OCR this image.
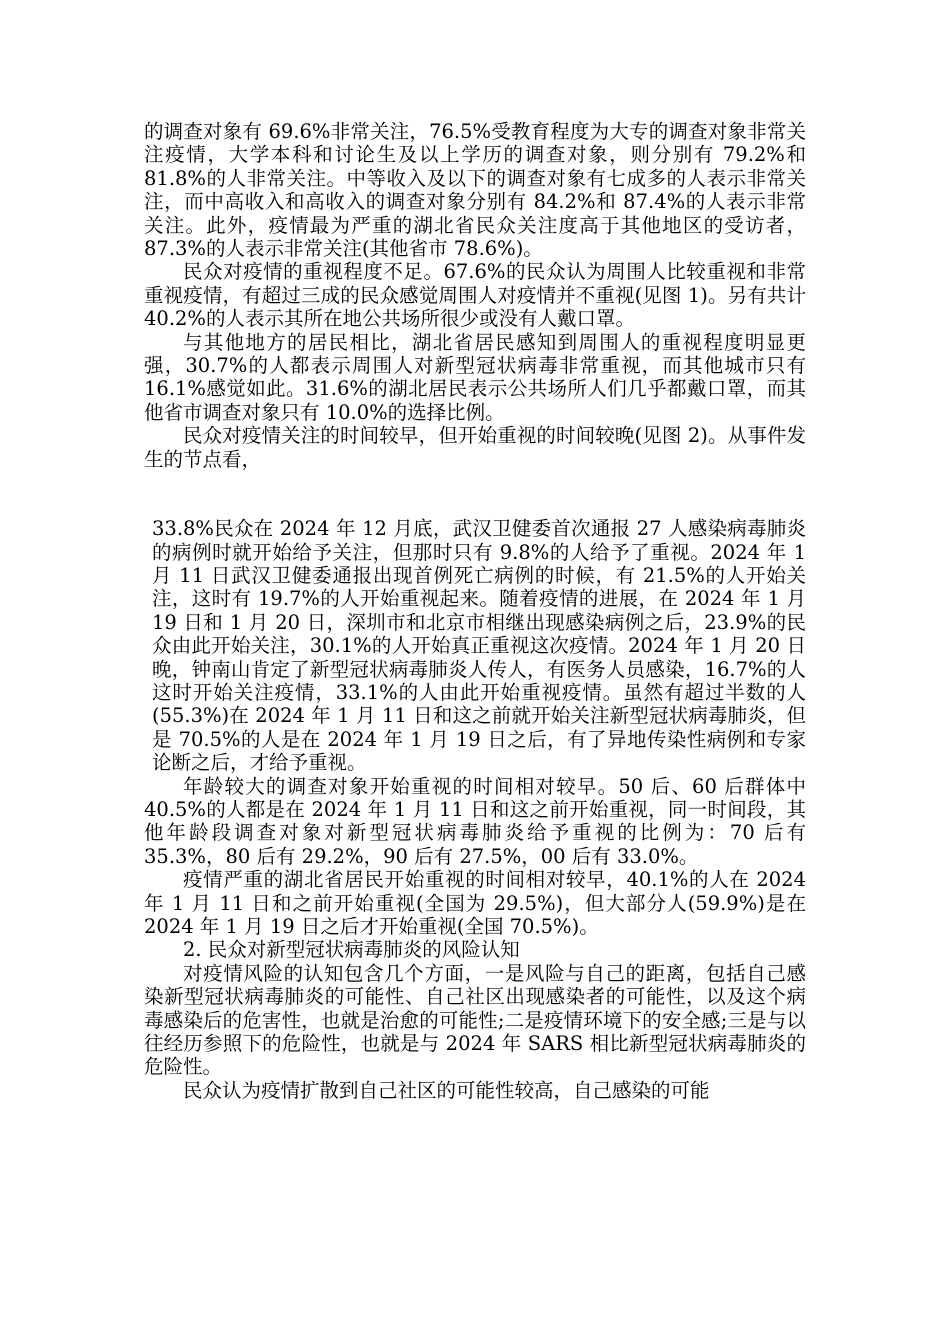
的调查对象有 69.6%非常关注，76.5%受教育程度为大专的调查对象非常关注疫情，大学本科和讨论生及以上学历的调查对象，则分别有 79.2%和 81.8%的人非常关注。中等收入及以下的调查对象有七成多的人表示非常关注，而中高收入和高收入的调查对象分别有 84.2%和 87.4%的人表示非常关注。此外，疫情最为严重的湖北省民众关注度高于其他地区的受访者，87.3%的人表示非常关注(其他省市 78.6%)。

民众对疫情的重视程度不足。67.6%的民众认为周围人比较重视和非常重视疫情，有超过三成的民众感觉周围人对疫情并不重视(见图 1)。另有共计 40.2%的人表示其所在地公共场所很少或没有人戴口罩。

与其他地方的居民相比，湖北省居民感知到周围人的重视程度明显更强，30.7%的人都表示周围人对新型冠状病毒非常重视，而其他城市只有 16.1%感觉如此。31.6%的湖北居民表示公共场所人们几乎都戴口罩，而其他省市调查对象只有 10.0%的选择比例。

民众对疫情关注的时间较早，但开始重视的时间较晚(见图 2)。从事件发生的节点看，

33.8%民众在 2024 年 12 月底，武汉卫健委首次通报 27 人感染病毒肺炎的病例时就开始给予关注，但那时只有 9.8%的人给予了重视。2024 年 1 月 11 日武汉卫健委通报出现首例死亡病例的时候，有 21.5%的人开始关注，这时有 19.7%的人开始重视起来。随着疫情的进展，在 2024 年 1 月 19 日和 1 月 20 日，深圳市和北京市相继出现感染病例之后，23.9%的民众由此开始关注，30.1%的人开始真正重视这次疫情。2024 年 1 月 20 日晚，钟南山肯定了新型冠状病毒肺炎人传人，有医务人员感染，16.7%的人这时开始关注疫情，33.1%的人由此开始重视疫情。虽然有超过半数的人(55.3%)在 2024 年 1 月 11 日和这之前就开始关注新型冠状病毒肺炎，但是 70.5%的人是在 2024 年 1 月 19 日之后，有了异地传染性病例和专家论断之后，才给予重视。

年龄较大的调查对象开始重视的时间相对较早。50 后、60 后群体中 40.5%的人都是在 2024 年 1 月 11 日和这之前开始重视，同一时间段，其他年龄段调查对象对新型冠状病毒肺炎给予重视的比例为：70 后有 35.3%，80 后有 29.2%，90 后有 27.5%，00 后有 33.0%。

疫情严重的湖北省居民开始重视的时间相对较早，40.1%的人在 2024 年 1 月 11 日和之前开始重视(全国为 29.5%)，但大部分人(59.9%)是在 2024 年 1 月 19 日之后才开始重视(全国 70.5%)。

2. 民众对新型冠状病毒肺炎的风险认知

对疫情风险的认知包含几个方面，一是风险与自己的距离，包括自己感染新型冠状病毒肺炎的可能性、自己社区出现感染者的可能性，以及这个病毒感染后的危害性，也就是治愈的可能性;二是疫情环境下的安全感;三是与以往经历参照下的危险性，也就是与 2024 年 SARS 相比新型冠状病毒肺炎的危险性。

民众认为疫情扩散到自己社区的可能性较高，自己感染的可能
